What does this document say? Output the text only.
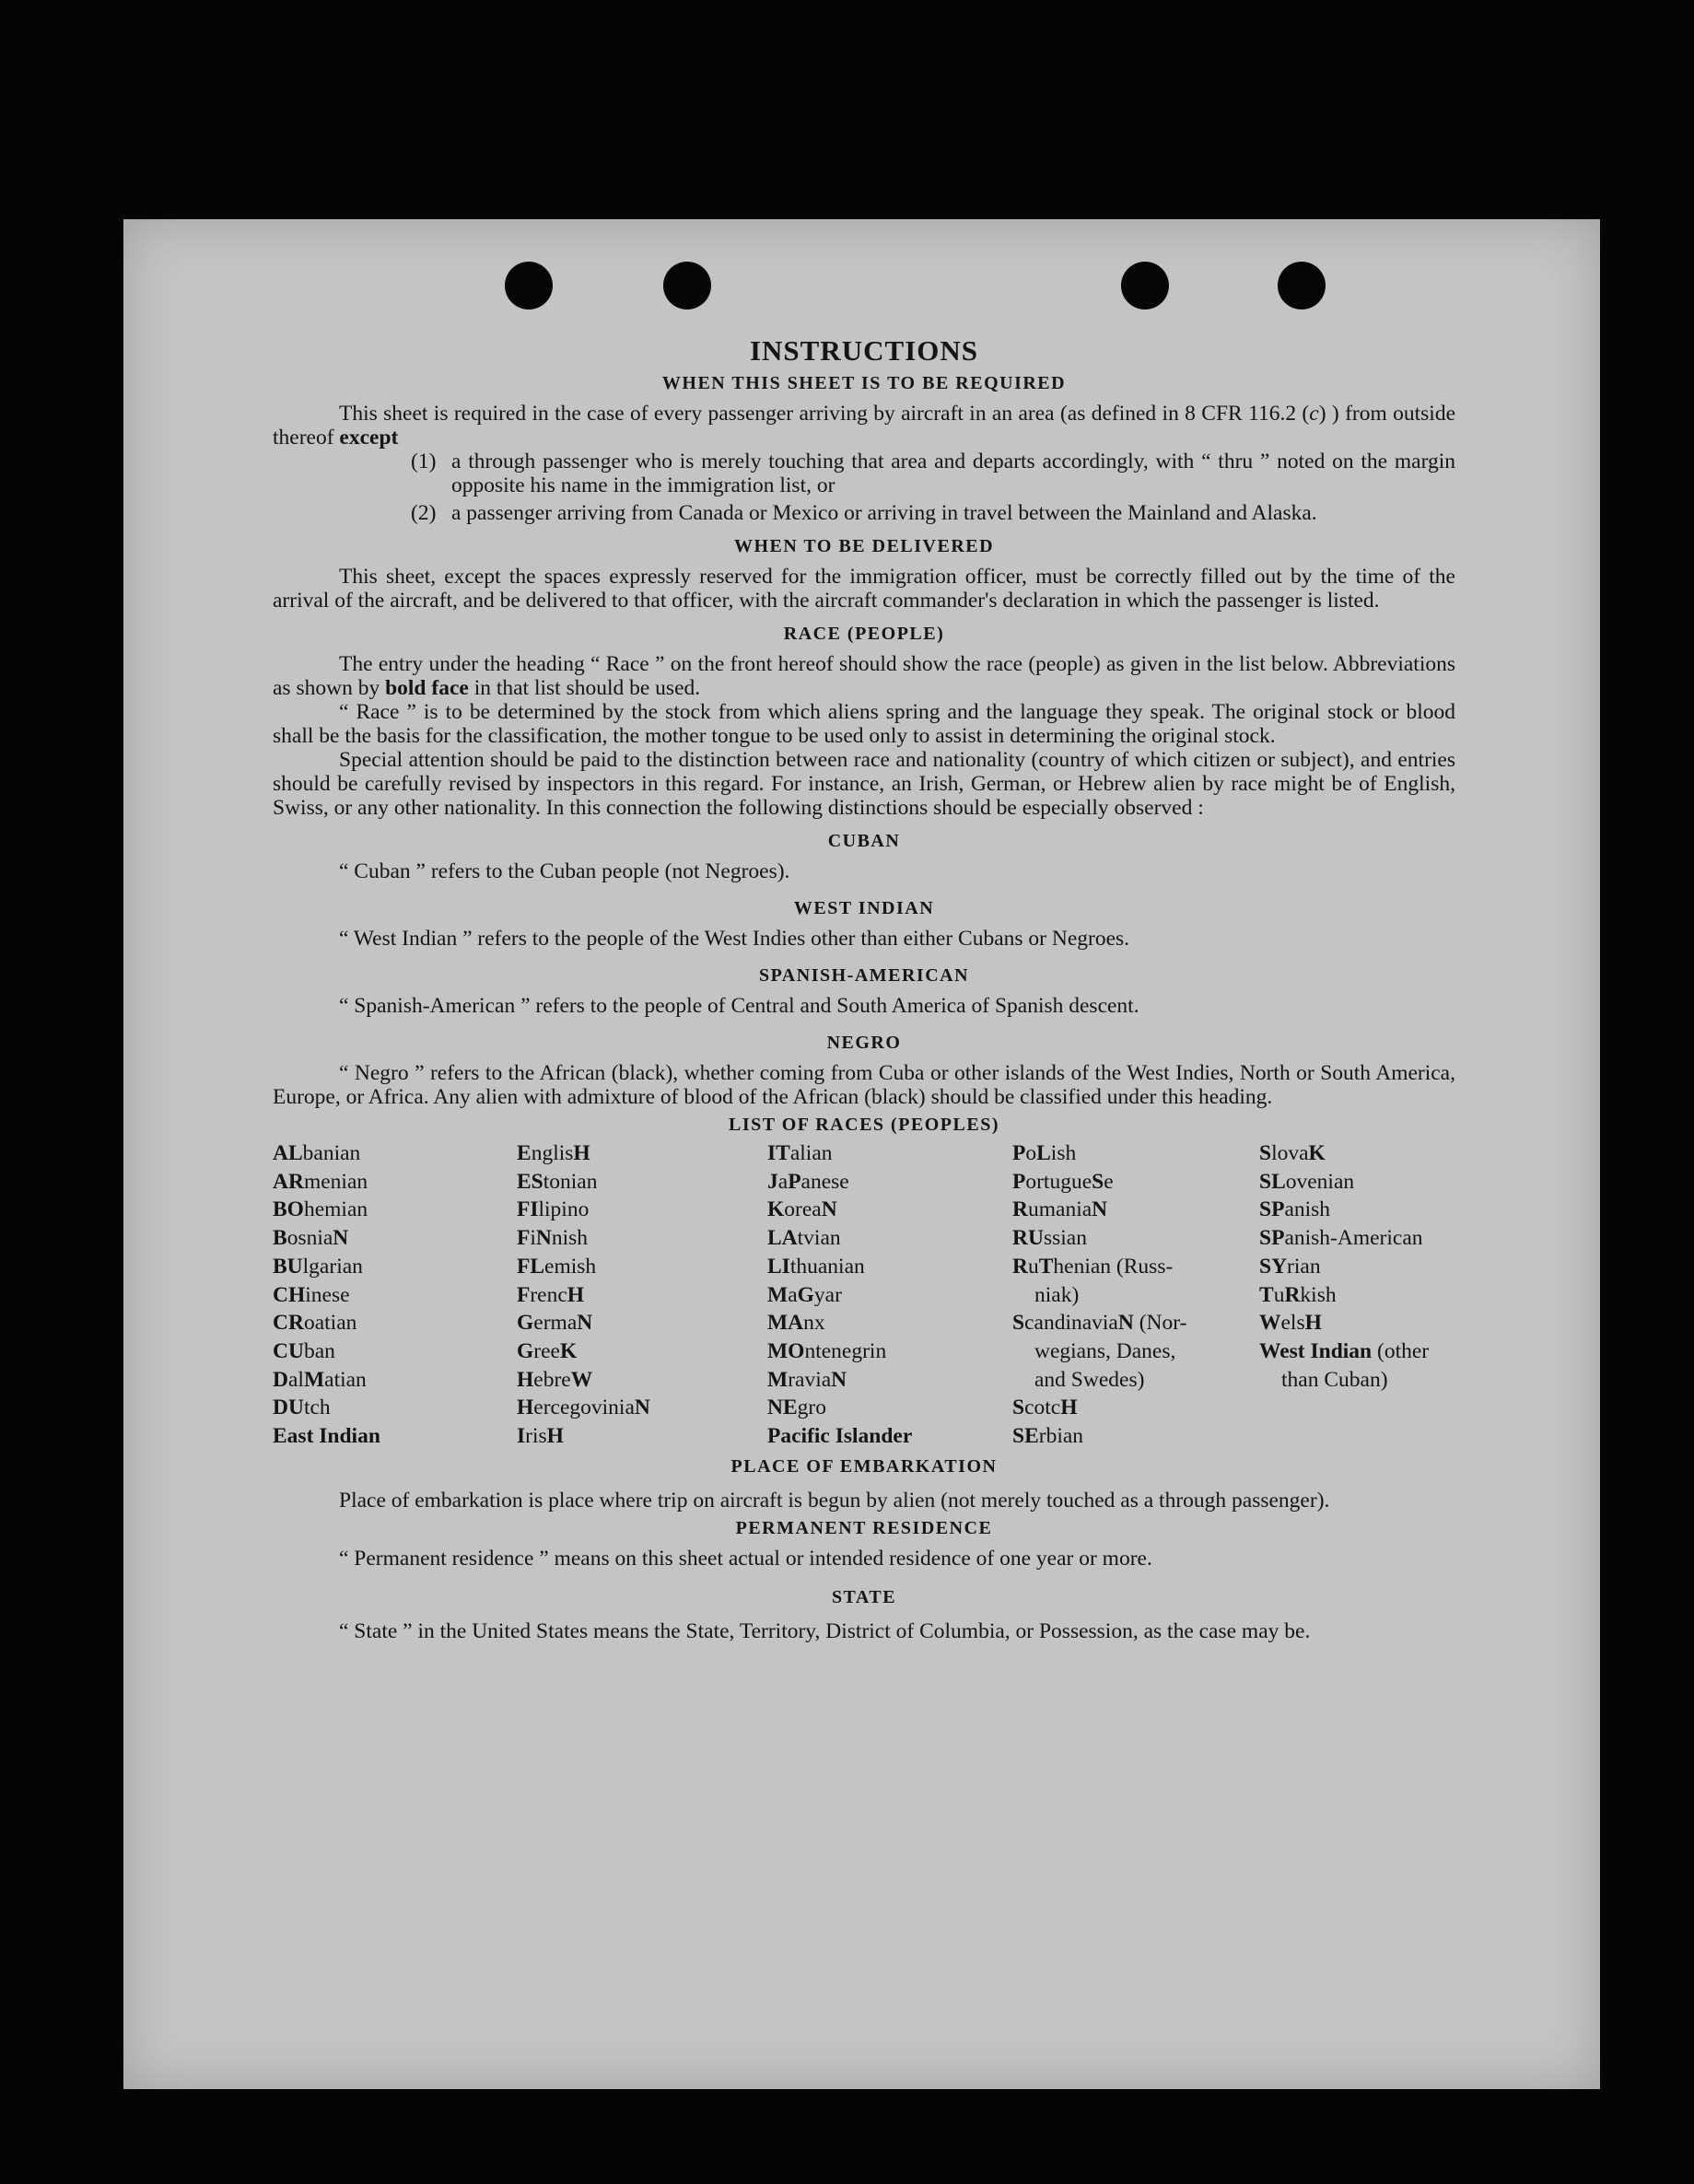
INSTRUCTIONS
WHEN THIS SHEET IS TO BE REQUIRED

This sheet is required in the case of every passenger arriving by aircraft in an area (as defined in 8 CFR 116.2 (c) ) from outside thereof except

(1) a through passenger who is merely touching that area and departs accordingly, with “ thru ” noted on the margin opposite his name in the immigration list, or
(2) a passenger arriving from Canada or Mexico or arriving in travel between the Mainland and Alaska.
WHEN TO BE DELIVERED

This sheet, except the spaces expressly reserved for the immigration officer, must be correctly filled out by the time of the arrival of the aircraft, and be delivered to that officer, with the aircraft commander's declaration in which the passenger is listed.

RACE (PEOPLE)

The entry under the heading “ Race ” on the front hereof should show the race (people) as given in the list below. Abbreviations as shown by bold face in that list should be used.

“ Race ” is to be determined by the stock from which aliens spring and the language they speak. The original stock or blood shall be the basis for the classification, the mother tongue to be used only to assist in determining the original stock.

Special attention should be paid to the distinction between race and nationality (country of which citizen or subject), and entries should be carefully revised by inspectors in this regard. For instance, an Irish, German, or Hebrew alien by race might be of English, Swiss, or any other nationality. In this connection the following distinctions should be especially observed :

CUBAN

“ Cuban ” refers to the Cuban people (not Negroes).

WEST INDIAN

“ West Indian ” refers to the people of the West Indies other than either Cubans or Negroes.

SPANISH-AMERICAN

“ Spanish-American ” refers to the people of Central and South America of Spanish descent.

NEGRO

“ Negro ” refers to the African (black), whether coming from Cuba or other islands of the West Indies, North or South America, Europe, or Africa. Any alien with admixture of blood of the African (black) should be classified under this heading.

LIST OF RACES (PEOPLES)
ALbanian
ARmenian
BOhemian
BosniaN
BUlgarian
CHinese
CRoatian
CUban
DalMatian
DUtch
East Indian
EnglisH
EStonian
FIlipino
FiNnish
FLemish
FrencH
GermaN
GreeK
HebreW
HercegoviniaN
IrisH
ITalian
JaPanese
KoreaN
LAtvian
LIthuanian
MaGyar
MAnx
MOntenegrin
MraviaN
NEgro
Pacific Islander
PoLish
PortugueSe
RumaniaN
RUssian
RuThenian (Russ-
niak)
ScandinaviaN (Nor-
wegians, Danes,
and Swedes)
ScotcH
SErbian
SlovaK
SLovenian
SPanish
SPanish-American
SYrian
TuRkish
WelsH
West Indian (other
than Cuban)
PLACE OF EMBARKATION

Place of embarkation is place where trip on aircraft is begun by alien (not merely touched as a through passenger).

PERMANENT RESIDENCE

“ Permanent residence ” means on this sheet actual or intended residence of one year or more.

STATE

“ State ” in the United States means the State, Territory, District of Columbia, or Possession, as the case may be.
